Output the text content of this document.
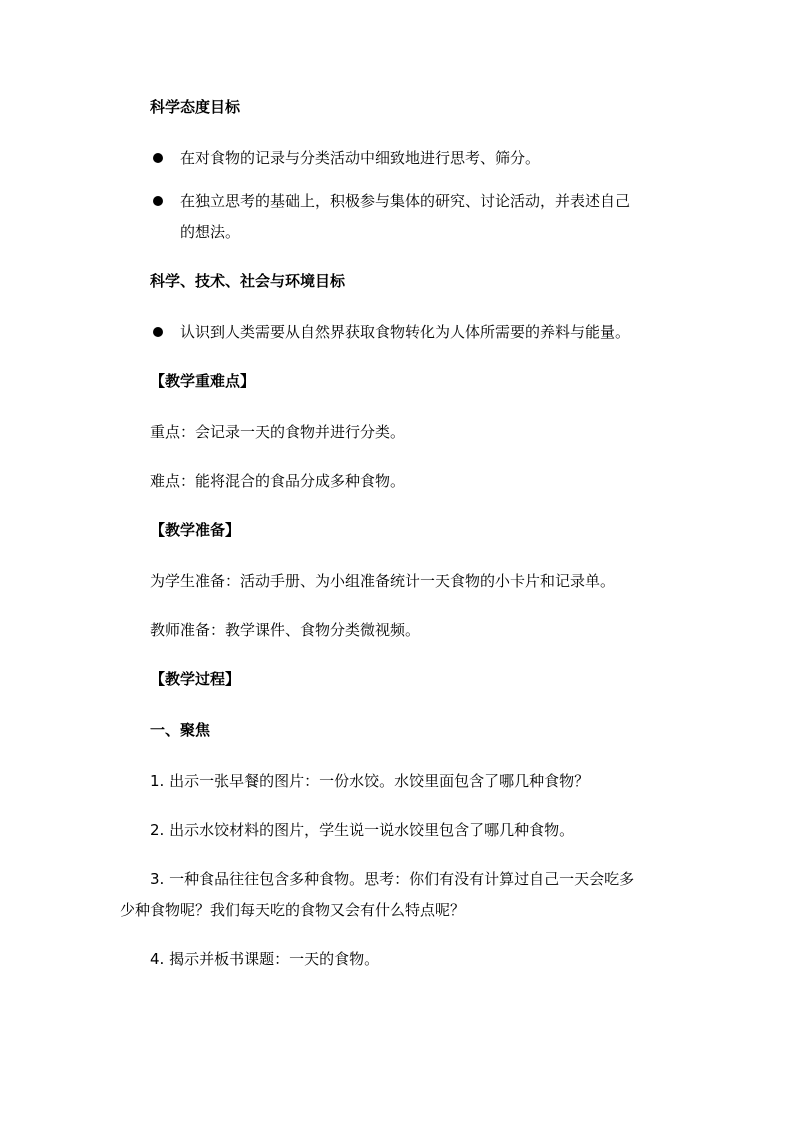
科学态度目标
在对食物的记录与分类活动中细致地进行思考、筛分。
在独立思考的基础上，积极参与集体的研究、讨论活动，并表述自己
的想法。
科学、技术、社会与环境目标
认识到人类需要从自然界获取食物转化为人体所需要的养料与能量。
【教学重难点】
重点：会记录一天的食物并进行分类。
难点：能将混合的食品分成多种食物。
【教学准备】
为学生准备：活动手册、为小组准备统计一天食物的小卡片和记录单。
教师准备：教学课件、食物分类微视频。
【教学过程】
一、聚焦
1. 出示一张早餐的图片：一份水饺。水饺里面包含了哪几种食物？
2. 出示水饺材料的图片，学生说一说水饺里包含了哪几种食物。
3. 一种食品往往包含多种食物。思考：你们有没有计算过自己一天会吃多
少种食物呢？我们每天吃的食物又会有什么特点呢？
4. 揭示并板书课题：一天的食物。
